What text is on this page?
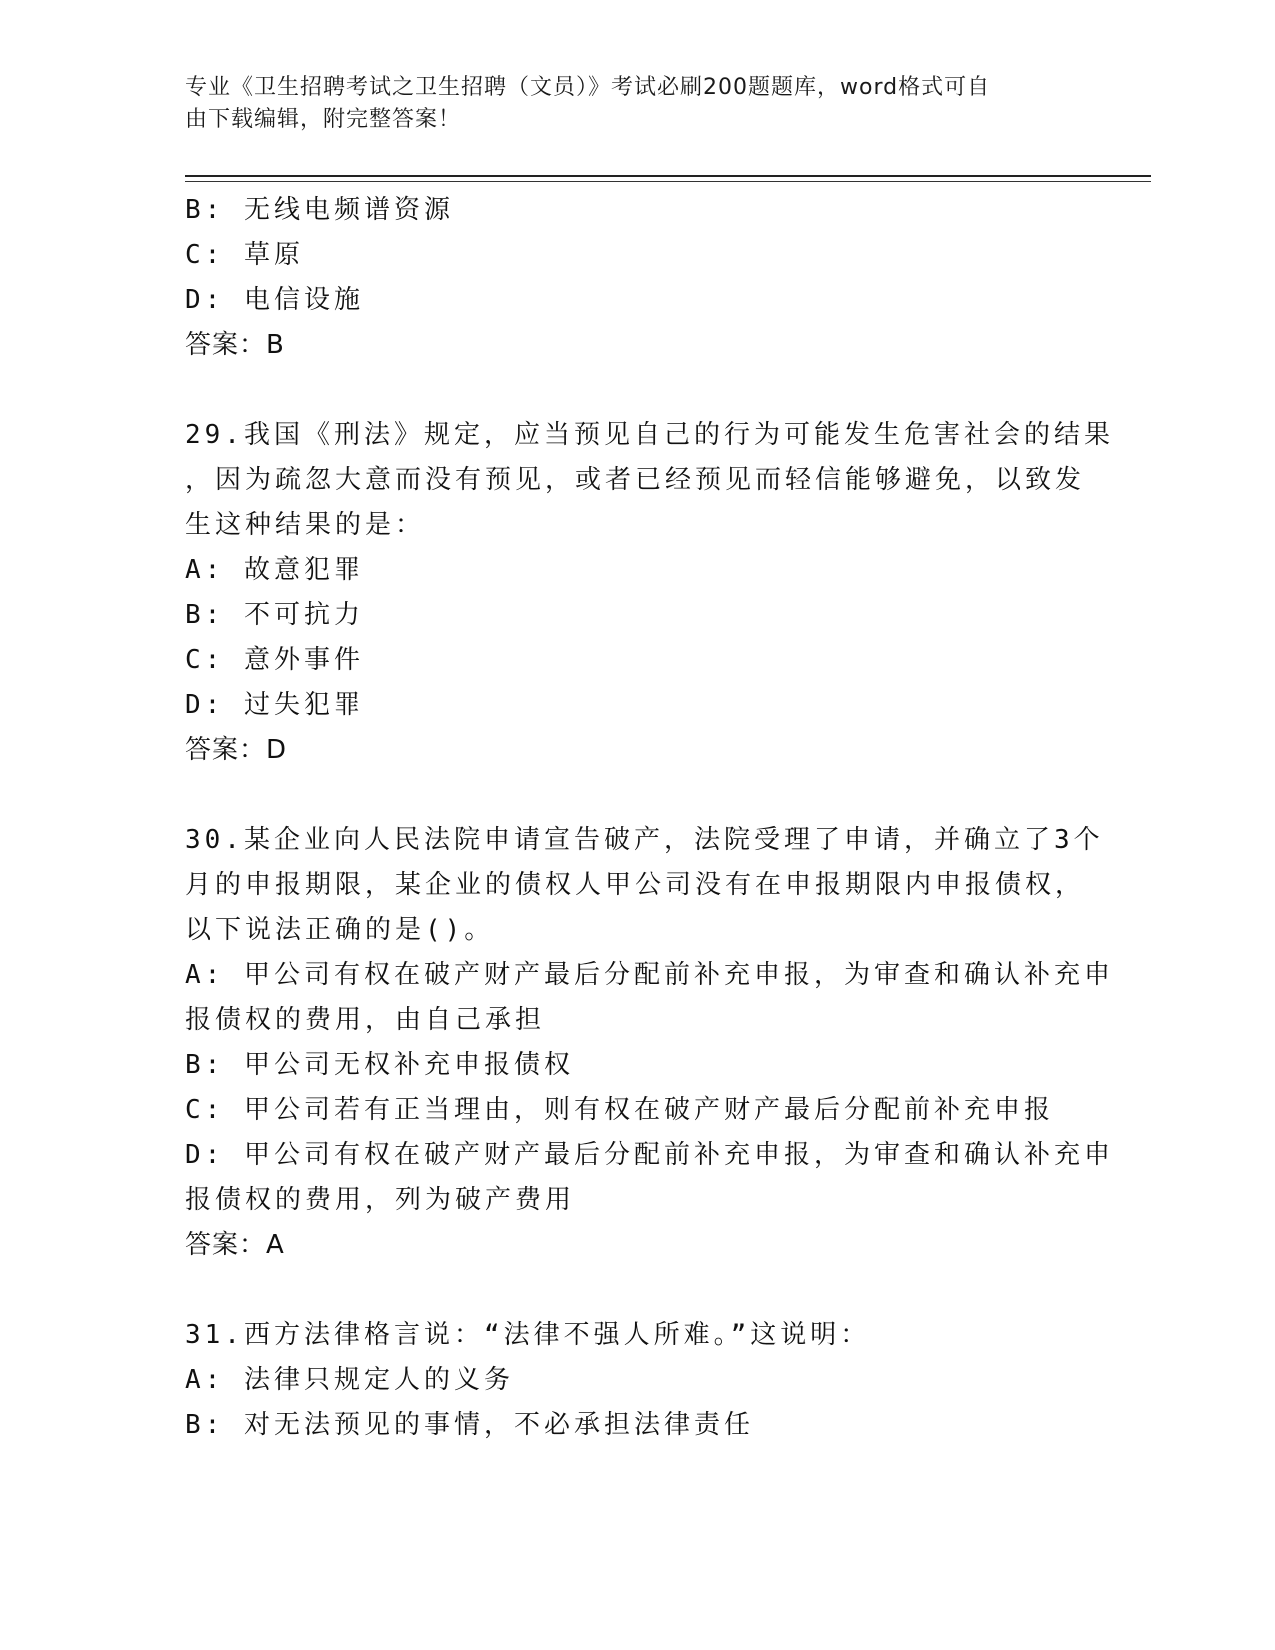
专业《卫生招聘考试之卫生招聘（文员）》考试必刷200题题库，word格式可自
由下载编辑，附完整答案！
B: 无线电频谱资源
C: 草原
D: 电信设施
答案：B
29.我国《刑法》规定，应当预见自己的行为可能发生危害社会的结果
，因为疏忽大意而没有预见，或者已经预见而轻信能够避免，以致发
生这种结果的是：
A: 故意犯罪
B: 不可抗力
C: 意外事件
D: 过失犯罪
答案：D
30.某企业向人民法院申请宣告破产，法院受理了申请，并确立了3个
月的申报期限，某企业的债权人甲公司没有在申报期限内申报债权，
以下说法正确的是()。
A: 甲公司有权在破产财产最后分配前补充申报，为审查和确认补充申
报债权的费用，由自己承担
B: 甲公司无权补充申报债权
C: 甲公司若有正当理由，则有权在破产财产最后分配前补充申报
D: 甲公司有权在破产财产最后分配前补充申报，为审查和确认补充申
报债权的费用，列为破产费用
答案：A
31.西方法律格言说：“法律不强人所难。”这说明：
A: 法律只规定人的义务
B: 对无法预见的事情，不必承担法律责任
